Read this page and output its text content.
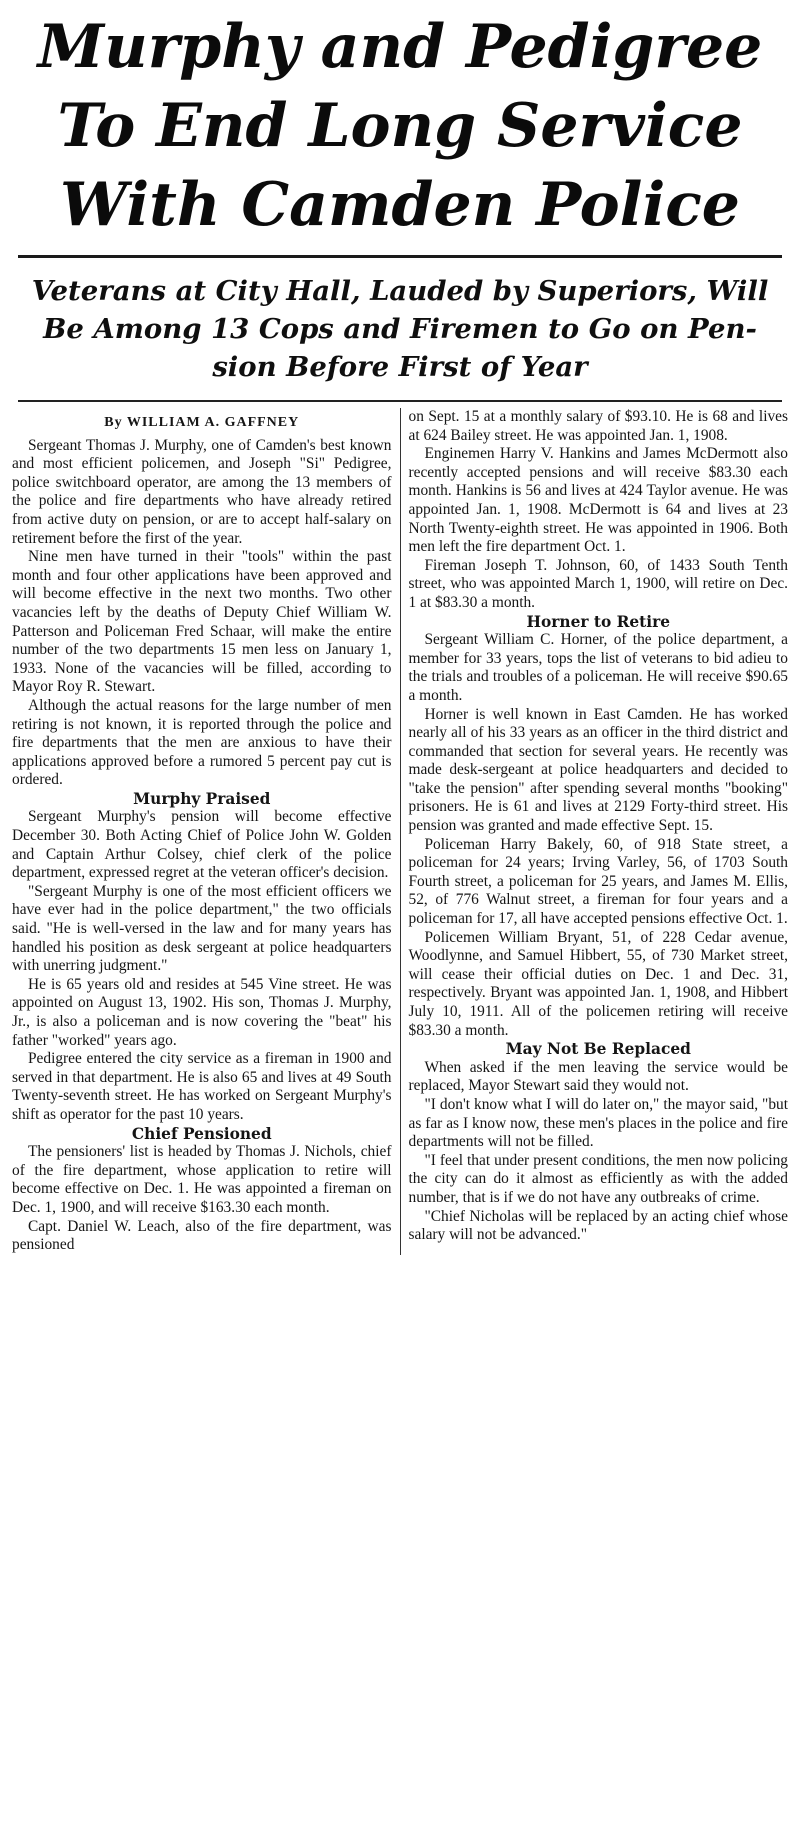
Murphy and Pedigree
To End Long Service
With Camden Police
Veterans at City Hall, Lauded by Superiors, Will
Be Among 13 Cops and Firemen to Go on Pen-
sion Before First of Year
By WILLIAM A. GAFFNEY

Sergeant Thomas J. Murphy, one of Camden's best known and most efficient policemen, and Joseph "Si" Pedigree, police switchboard operator, are among the 13 members of the police and fire departments who have already retired from active duty on pension, or are to accept half-salary on retirement before the first of the year.

Nine men have turned in their "tools" within the past month and four other applications have been approved and will become effective in the next two months. Two other vacancies left by the deaths of Deputy Chief William W. Patterson and Policeman Fred Schaar, will make the entire number of the two departments 15 men less on January 1, 1933. None of the vacancies will be filled, according to Mayor Roy R. Stewart.

Although the actual reasons for the large number of men retiring is not known, it is reported through the police and fire departments that the men are anxious to have their applications approved before a rumored 5 percent pay cut is ordered.

Murphy Praised

Sergeant Murphy's pension will become effective December 30. Both Acting Chief of Police John W. Golden and Captain Arthur Colsey, chief clerk of the police department, expressed regret at the veteran officer's decision.

"Sergeant Murphy is one of the most efficient officers we have ever had in the police department," the two officials said. "He is well-versed in the law and for many years has handled his position as desk sergeant at police headquarters with unerring judgment."

He is 65 years old and resides at 545 Vine street. He was appointed on August 13, 1902. His son, Thomas J. Murphy, Jr., is also a policeman and is now covering the "beat" his father "worked" years ago.

Pedigree entered the city service as a fireman in 1900 and served in that department. He is also 65 and lives at 49 South Twenty-seventh street. He has worked on Sergeant Murphy's shift as operator for the past 10 years.

Chief Pensioned

The pensioners' list is headed by Thomas J. Nichols, chief of the fire department, whose application to retire will become effective on Dec. 1. He was appointed a fireman on Dec. 1, 1900, and will receive $163.30 each month.

Capt. Daniel W. Leach, also of the fire department, was pensioned

on Sept. 15 at a monthly salary of $93.10. He is 68 and lives at 624 Bailey street. He was appointed Jan. 1, 1908.

Enginemen Harry V. Hankins and James McDermott also recently accepted pensions and will receive $83.30 each month. Hankins is 56 and lives at 424 Taylor avenue. He was appointed Jan. 1, 1908. McDermott is 64 and lives at 23 North Twenty-eighth street. He was appointed in 1906. Both men left the fire department Oct. 1.

Fireman Joseph T. Johnson, 60, of 1433 South Tenth street, who was appointed March 1, 1900, will retire on Dec. 1 at $83.30 a month.

Horner to Retire

Sergeant William C. Horner, of the police department, a member for 33 years, tops the list of veterans to bid adieu to the trials and troubles of a policeman. He will receive $90.65 a month.

Horner is well known in East Camden. He has worked nearly all of his 33 years as an officer in the third district and commanded that section for several years. He recently was made desk-sergeant at police headquarters and decided to "take the pension" after spending several months "booking" prisoners. He is 61 and lives at 2129 Forty-third street. His pension was granted and made effective Sept. 15.

Policeman Harry Bakely, 60, of 918 State street, a policeman for 24 years; Irving Varley, 56, of 1703 South Fourth street, a policeman for 25 years, and James M. Ellis, 52, of 776 Walnut street, a fireman for four years and a policeman for 17, all have accepted pensions effective Oct. 1.

Policemen William Bryant, 51, of 228 Cedar avenue, Woodlynne, and Samuel Hibbert, 55, of 730 Market street, will cease their official duties on Dec. 1 and Dec. 31, respectively. Bryant was appointed Jan. 1, 1908, and Hibbert July 10, 1911. All of the policemen retiring will receive $83.30 a month.

May Not Be Replaced

When asked if the men leaving the service would be replaced, Mayor Stewart said they would not.

"I don't know what I will do later on," the mayor said, "but as far as I know now, these men's places in the police and fire departments will not be filled.

"I feel that under present conditions, the men now policing the city can do it almost as efficiently as with the added number, that is if we do not have any outbreaks of crime.

"Chief Nicholas will be replaced by an acting chief whose salary will not be advanced."
